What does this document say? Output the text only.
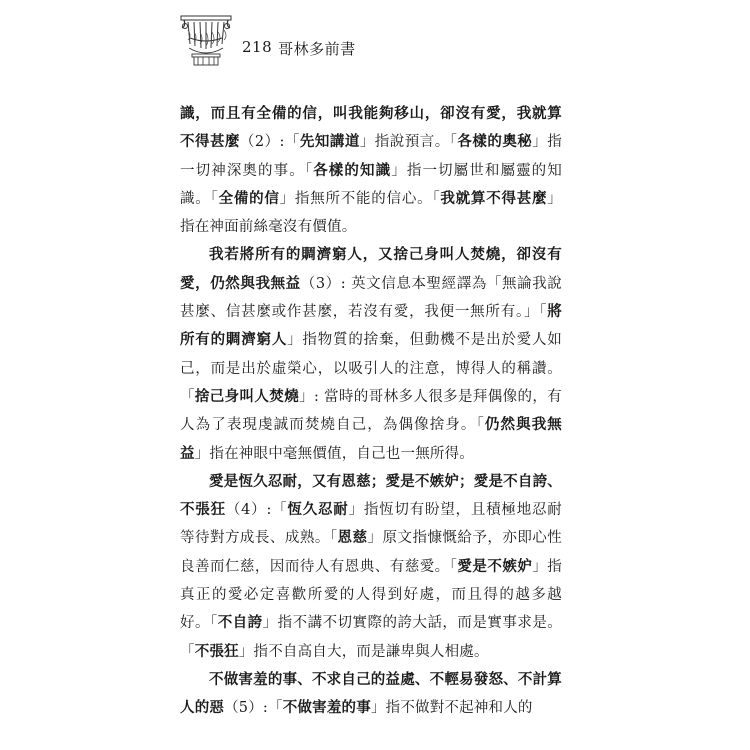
218 哥林多前書

識，而且有全備的信，叫我能夠移山，卻沒有愛，我就算不得甚麼（2）:「先知講道」指說預言。「各樣的奧秘」指一切神深奧的事。「各樣的知識」指一切屬世和屬靈的知識。「全備的信」指無所不能的信心。「我就算不得甚麼」指在神面前絲毫沒有價值。

我若將所有的賙濟窮人，又捨己身叫人焚燒，卻沒有愛，仍然與我無益（3）: 英文信息本聖經譯為「無論我說甚麼、信甚麼或作甚麼，若沒有愛，我便一無所有。」「將所有的賙濟窮人」指物質的捨棄，但動機不是出於愛人如己，而是出於虛榮心，以吸引人的注意，博得人的稱讚。「捨己身叫人焚燒」: 當時的哥林多人很多是拜偶像的，有人為了表現虔誠而焚燒自己，為偶像捨身。「仍然與我無益」指在神眼中毫無價值，自己也一無所得。

愛是恆久忍耐，又有恩慈；愛是不嫉妒；愛是不自誇、不張狂（4）:「恆久忍耐」指恆切有盼望，且積極地忍耐等待對方成長、成熟。「恩慈」原文指慷慨給予，亦即心性良善而仁慈，因而待人有恩典、有慈愛。「愛是不嫉妒」指真正的愛必定喜歡所愛的人得到好處，而且得的越多越好。「不自誇」指不講不切實際的誇大話，而是實事求是。「不張狂」指不自高自大，而是謙卑與人相處。

不做害羞的事、不求自己的益處、不輕易發怒、不計算人的惡（5）:「不做害羞的事」指不做對不起神和人的
